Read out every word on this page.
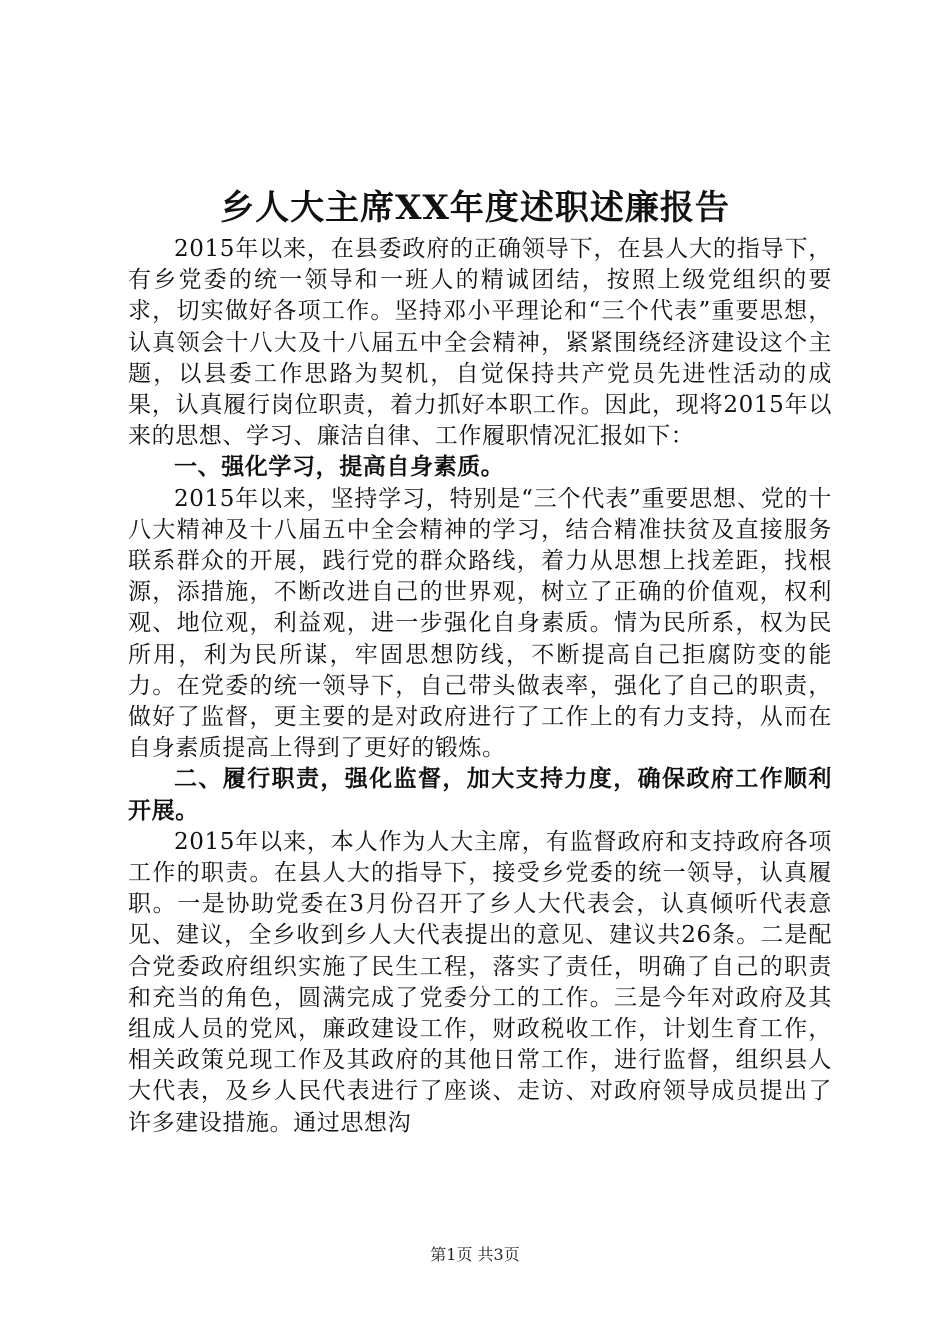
乡人大主席XX年度述职述廉报告

2015年以来，在县委政府的正确领导下，在县人大的指导下，有乡党委的统一领导和一班人的精诚团结，按照上级党组织的要求，切实做好各项工作。坚持邓小平理论和“三个代表”重要思想，认真领会十八大及十八届五中全会精神，紧紧围绕经济建设这个主题，以县委工作思路为契机，自觉保持共产党员先进性活动的成果，认真履行岗位职责，着力抓好本职工作。因此，现将2015年以来的思想、学习、廉洁自律、工作履职情况汇报如下：

一、强化学习，提高自身素质。

2015年以来，坚持学习，特别是“三个代表”重要思想、党的十八大精神及十八届五中全会精神的学习，结合精准扶贫及直接服务联系群众的开展，践行党的群众路线，着力从思想上找差距，找根源，添措施，不断改进自己的世界观，树立了正确的价值观，权利观、地位观，利益观，进一步强化自身素质。情为民所系，权为民所用，利为民所谋，牢固思想防线，不断提高自己拒腐防变的能力。在党委的统一领导下，自己带头做表率，强化了自己的职责，做好了监督，更主要的是对政府进行了工作上的有力支持，从而在自身素质提高上得到了更好的锻炼。

二、履行职责，强化监督，加大支持力度，确保政府工作顺利开展。

2015年以来，本人作为人大主席，有监督政府和支持政府各项工作的职责。在县人大的指导下，接受乡党委的统一领导，认真履职。一是协助党委在3月份召开了乡人大代表会，认真倾听代表意见、建议，全乡收到乡人大代表提出的意见、建议共26条。二是配合党委政府组织实施了民生工程，落实了责任，明确了自己的职责和充当的角色，圆满完成了党委分工的工作。三是今年对政府及其组成人员的党风，廉政建设工作，财政税收工作，计划生育工作，相关政策兑现工作及其政府的其他日常工作，进行监督，组织县人大代表，及乡人民代表进行了座谈、走访、对政府领导成员提出了许多建设措施。通过思想沟

第1页 共3页
